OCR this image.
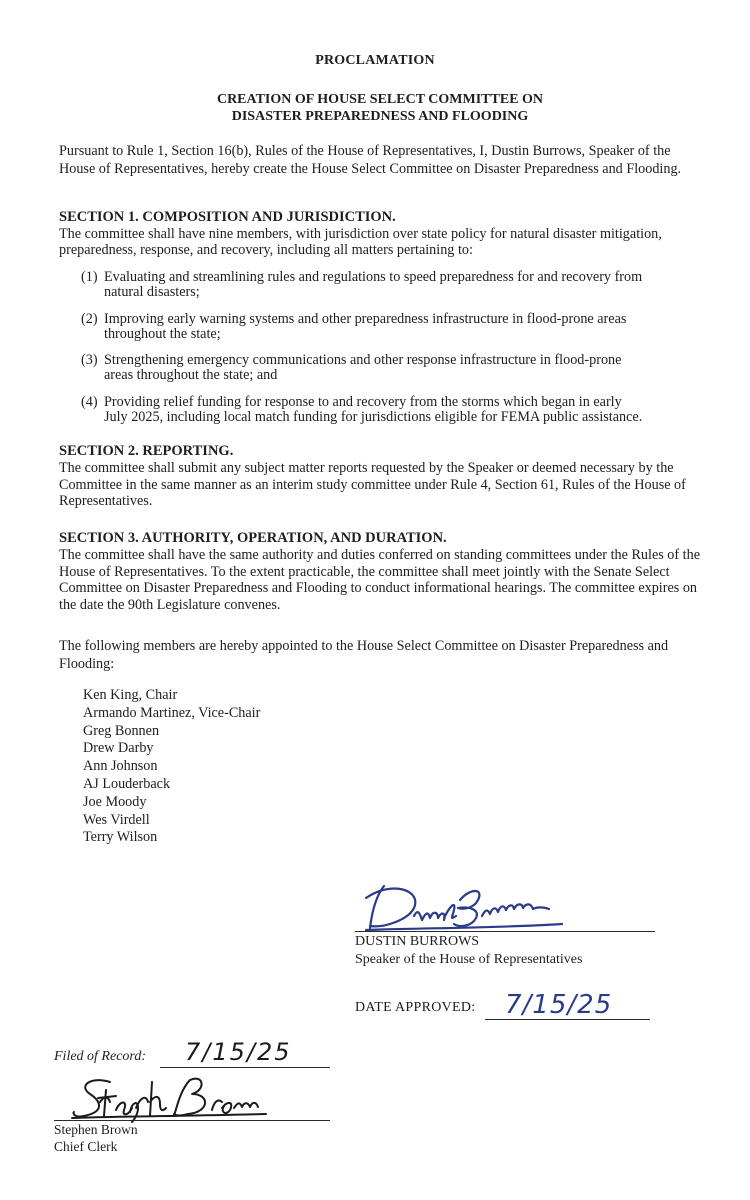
PROCLAMATION
CREATION OF HOUSE SELECT COMMITTEE ON
DISASTER PREPAREDNESS AND FLOODING
Pursuant to Rule 1, Section 16(b), Rules of the House of Representatives, I, Dustin Burrows, Speaker of the House of Representatives, hereby create the House Select Committee on Disaster Preparedness and Flooding.
SECTION 1. COMPOSITION AND JURISDICTION.
The committee shall have nine members, with jurisdiction over state policy for natural disaster mitigation, preparedness, response, and recovery, including all matters pertaining to:
(1) Evaluating and streamlining rules and regulations to speed preparedness for and recovery from
natural disasters;
(2) Improving early warning systems and other preparedness infrastructure in flood-prone areas
throughout the state;
(3) Strengthening emergency communications and other response infrastructure in flood-prone
areas throughout the state; and
(4) Providing relief funding for response to and recovery from the storms which began in early
July 2025, including local match funding for jurisdictions eligible for FEMA public assistance.
SECTION 2. REPORTING.
The committee shall submit any subject matter reports requested by the Speaker or deemed necessary by the Committee in the same manner as an interim study committee under Rule 4, Section 61, Rules of the House of Representatives.
SECTION 3. AUTHORITY, OPERATION, AND DURATION.
The committee shall have the same authority and duties conferred on standing committees under the Rules of the House of Representatives. To the extent practicable, the committee shall meet jointly with the Senate Select Committee on Disaster Preparedness and Flooding to conduct informational hearings. The committee expires on the date the 90th Legislature convenes.
The following members are hereby appointed to the House Select Committee on Disaster Preparedness and Flooding:
Ken King, Chair
Armando Martinez, Vice-Chair
Greg Bonnen
Drew Darby
Ann Johnson
AJ Louderback
Joe Moody
Wes Virdell
Terry Wilson
DUSTIN BURROWS
Speaker of the House of Representatives
DATE APPROVED: 7/15/25
Filed of Record: 7/15/25
Stephen Brown
Chief Clerk
